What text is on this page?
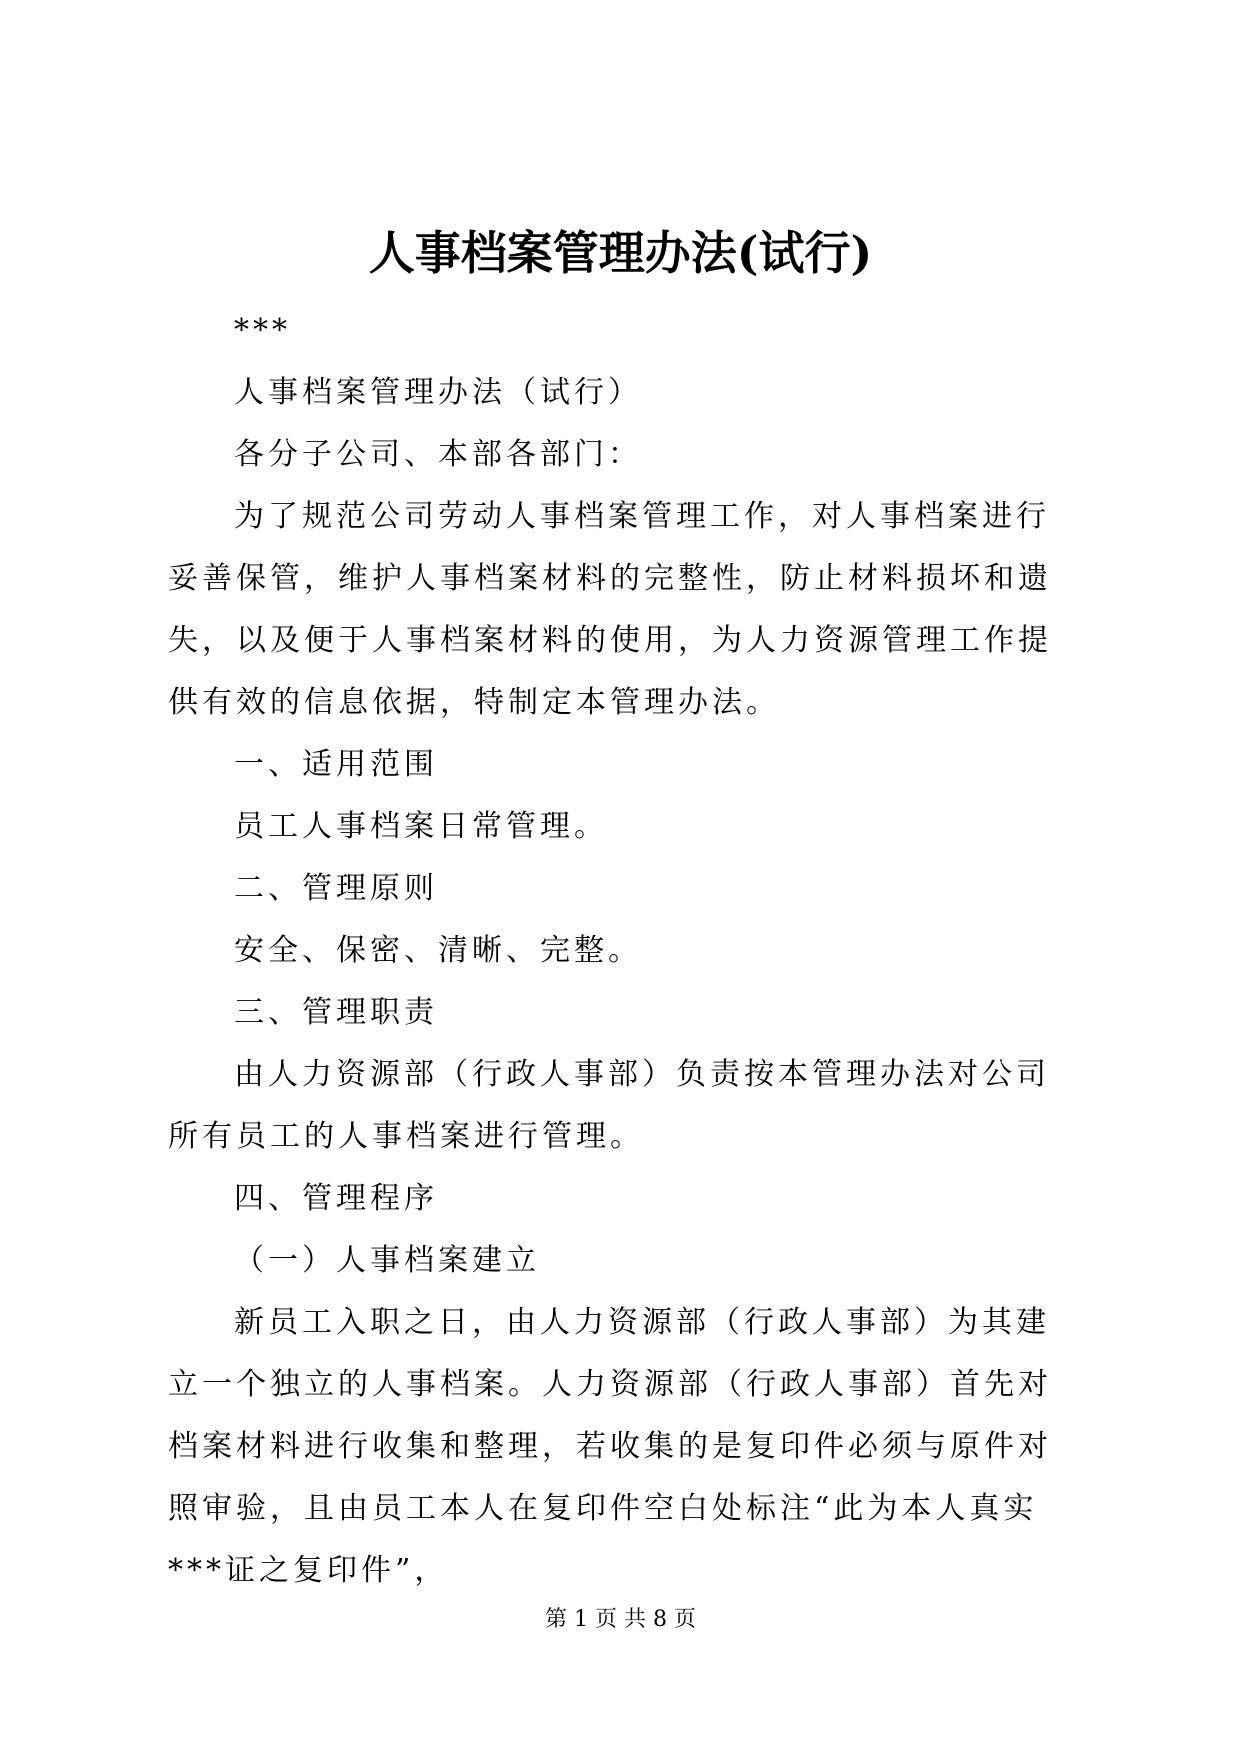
人事档案管理办法(试行)

***

人事档案管理办法（试行）

各分子公司、本部各部门：

为了规范公司劳动人事档案管理工作，对人事档案进行妥善保管，维护人事档案材料的完整性，防止材料损坏和遗失，以及便于人事档案材料的使用，为人力资源管理工作提供有效的信息依据，特制定本管理办法。

一、适用范围

员工人事档案日常管理。

二、管理原则

安全、保密、清晰、完整。

三、管理职责

由人力资源部（行政人事部）负责按本管理办法对公司所有员工的人事档案进行管理。

四、管理程序

（一）人事档案建立

新员工入职之日，由人力资源部（行政人事部）为其建立一个独立的人事档案。人力资源部（行政人事部）首先对档案材料进行收集和整理，若收集的是复印件必须与原件对照审验，且由员工本人在复印件空白处标注“此为本人真实***证之复印件”，

第 1 页 共 8 页
